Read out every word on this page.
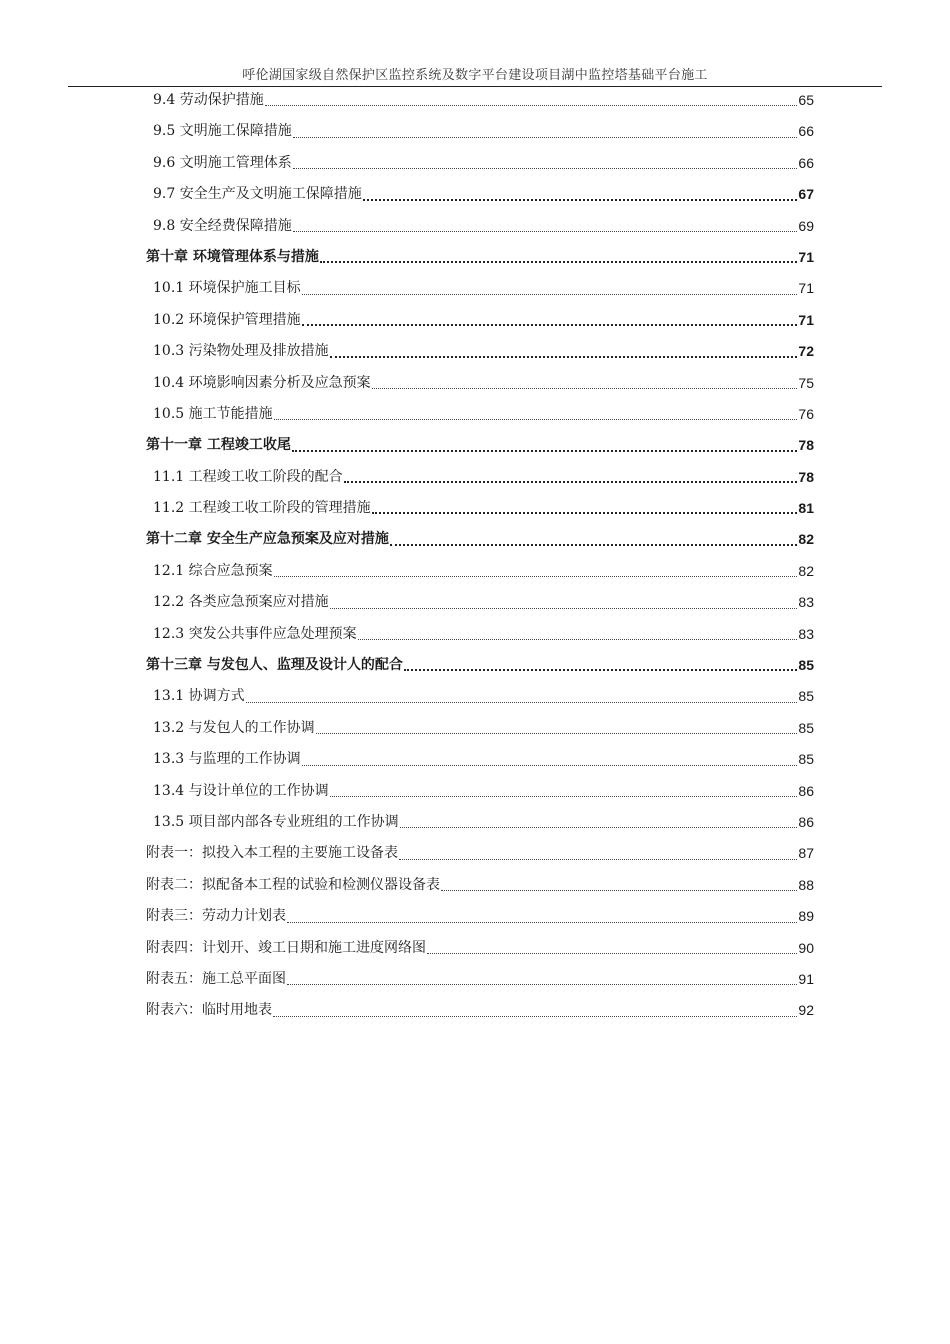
呼伦湖国家级自然保护区监控系统及数字平台建设项目湖中监控塔基础平台施工
9.4 劳动保护措施	65
9.5 文明施工保障措施	66
9.6 文明施工管理体系	66
9.7 安全生产及文明施工保障措施	67
9.8 安全经费保障措施	69
第十章 环境管理体系与措施	71
10.1 环境保护施工目标	71
10.2 环境保护管理措施	71
10.3 污染物处理及排放措施	72
10.4 环境影响因素分析及应急预案	75
10.5 施工节能措施	76
第十一章 工程竣工收尾	78
11.1 工程竣工收工阶段的配合	78
11.2 工程竣工收工阶段的管理措施	81
第十二章 安全生产应急预案及应对措施	82
12.1 综合应急预案	82
12.2 各类应急预案应对措施	83
12.3 突发公共事件应急处理预案	83
第十三章 与发包人、监理及设计人的配合	85
13.1 协调方式	85
13.2 与发包人的工作协调	85
13.3 与监理的工作协调	85
13.4 与设计单位的工作协调	86
13.5 项目部内部各专业班组的工作协调	86
附表一：拟投入本工程的主要施工设备表	87
附表二：拟配备本工程的试验和检测仪器设备表	88
附表三：劳动力计划表	89
附表四：计划开、竣工日期和施工进度网络图	90
附表五：施工总平面图	91
附表六：临时用地表	92
